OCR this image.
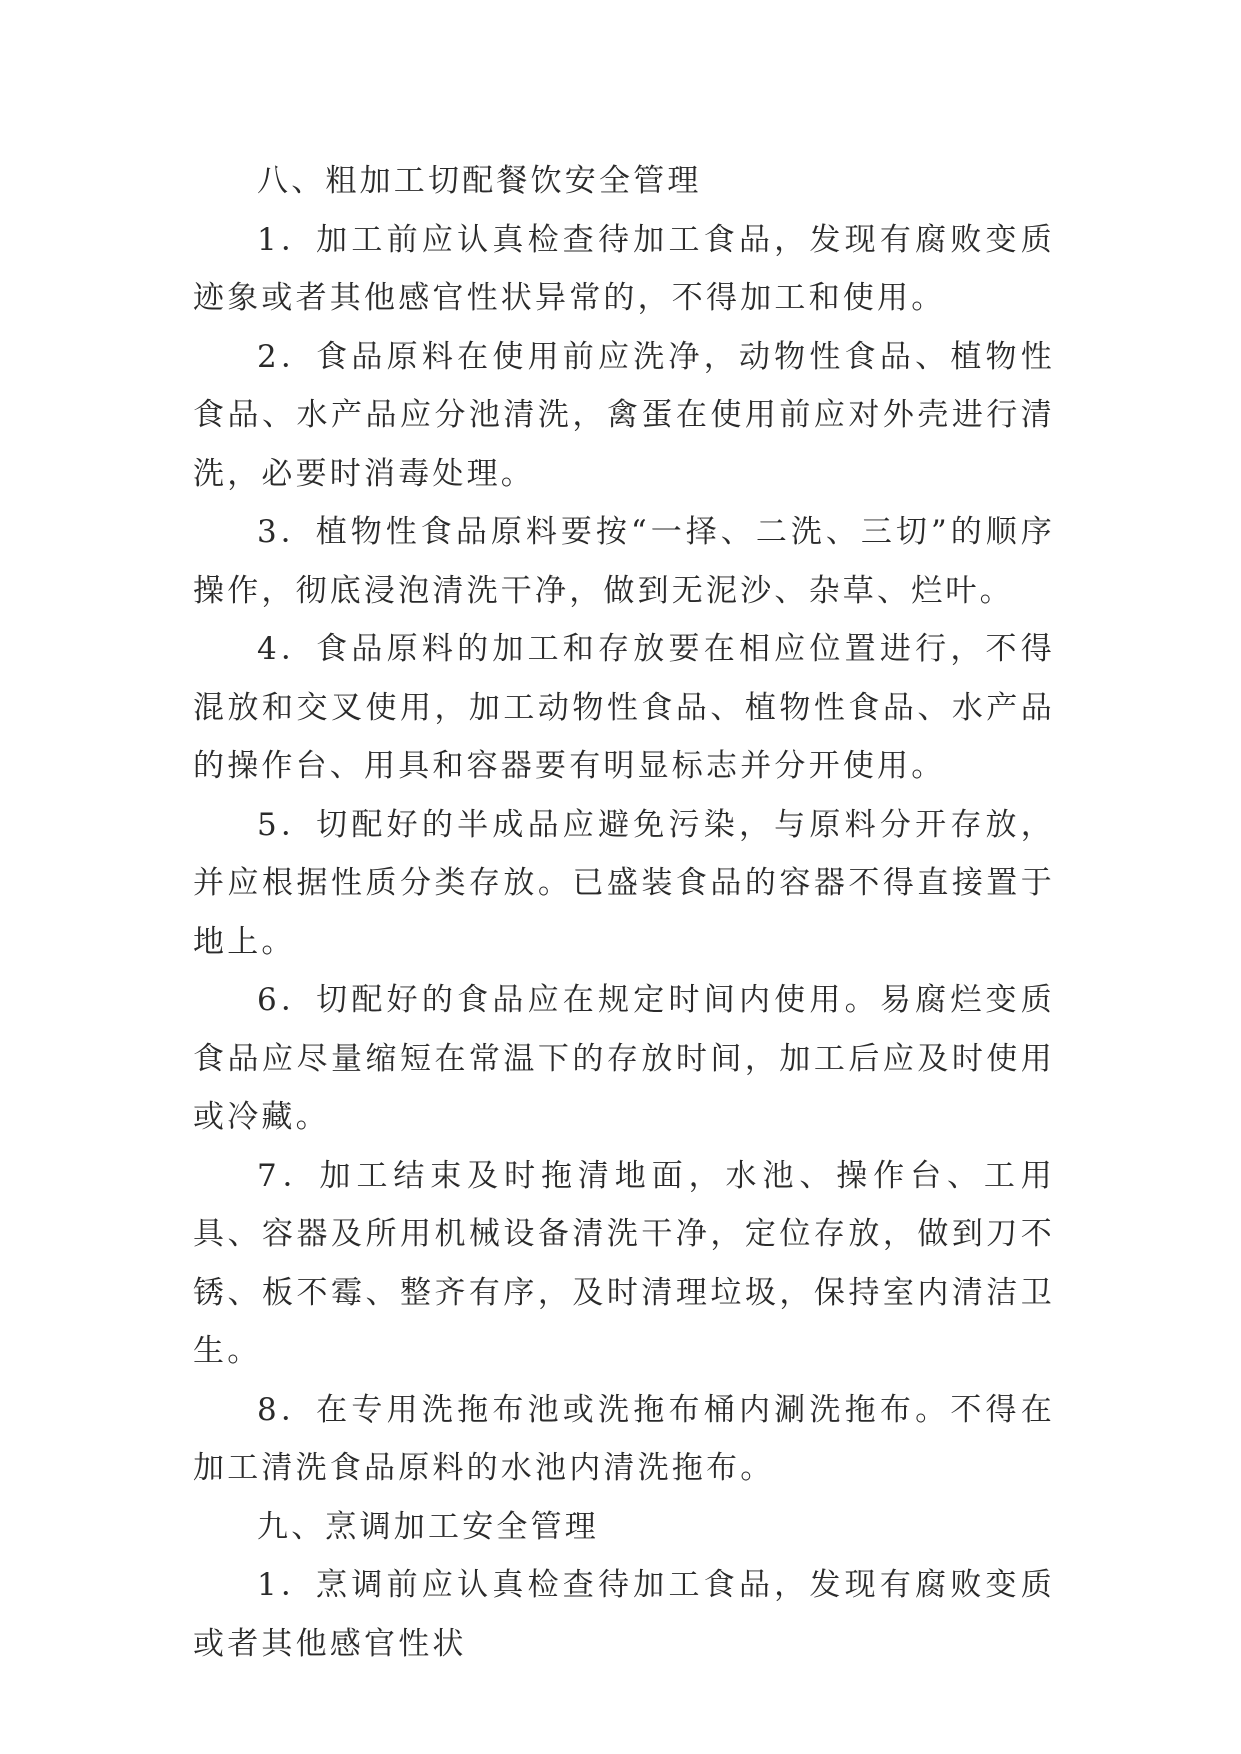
八、粗加工切配餐饮安全管理

1．加工前应认真检查待加工食品，发现有腐败变质迹象或者其他感官性状异常的，不得加工和使用。

2．食品原料在使用前应洗净，动物性食品、植物性食品、水产品应分池清洗，禽蛋在使用前应对外壳进行清洗，必要时消毒处理。

3．植物性食品原料要按“一择、二洗、三切”的顺序操作，彻底浸泡清洗干净，做到无泥沙、杂草、烂叶。

4．食品原料的加工和存放要在相应位置进行，不得混放和交叉使用，加工动物性食品、植物性食品、水产品的操作台、用具和容器要有明显标志并分开使用。

5．切配好的半成品应避免污染，与原料分开存放，并应根据性质分类存放。已盛装食品的容器不得直接置于地上。

6．切配好的食品应在规定时间内使用。易腐烂变质食品应尽量缩短在常温下的存放时间，加工后应及时使用或冷藏。

7．加工结束及时拖清地面，水池、操作台、工用具、容器及所用机械设备清洗干净，定位存放，做到刀不锈、板不霉、整齐有序，及时清理垃圾，保持室内清洁卫生。

8．在专用洗拖布池或洗拖布桶内涮洗拖布。不得在加工清洗食品原料的水池内清洗拖布。

九、烹调加工安全管理

1．烹调前应认真检查待加工食品，发现有腐败变质或者其他感官性状
